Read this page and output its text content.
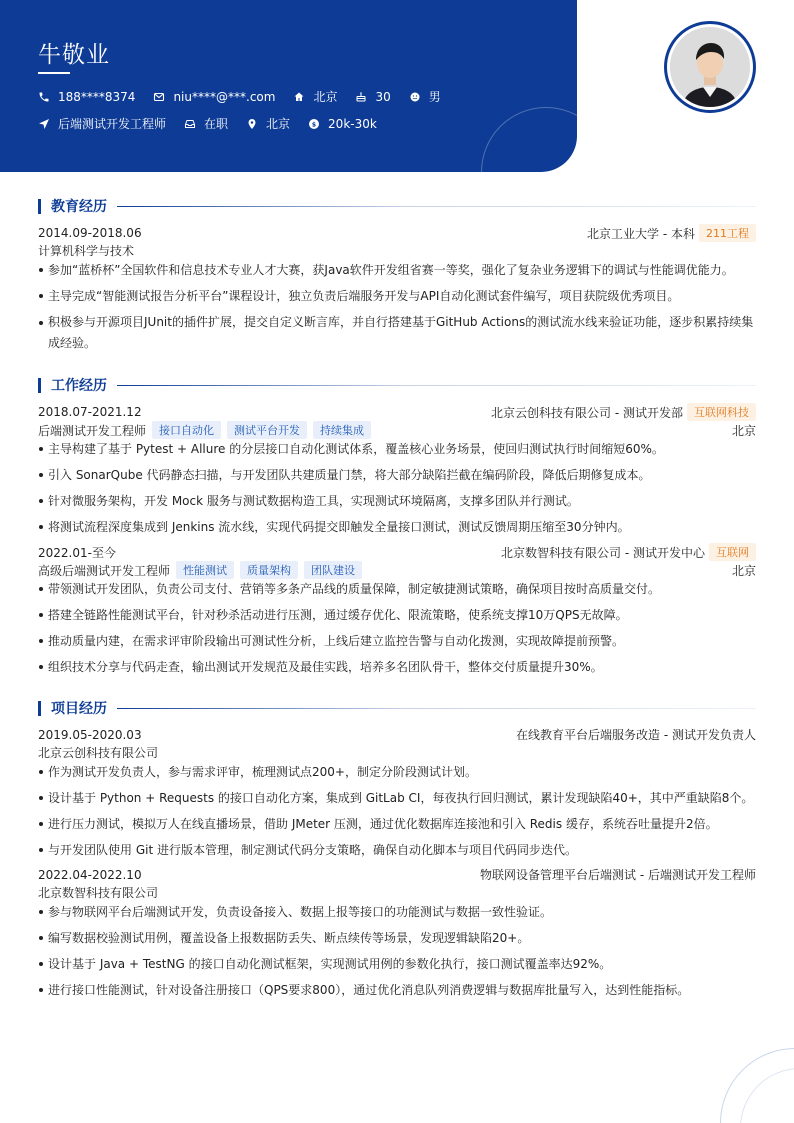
牛敬业
188****8374	niu****@***.com	北京	30	男
后端测试开发工程师	在职	北京 $ 20k-30k
教育经历
2014.09-2018.06	北京工业大学 - 本科	211工程
计算机科学与技术
参加“蓝桥杯”全国软件和信息技术专业人才大赛，获Java软件开发组省赛一等奖，强化了复杂业务逻辑下的调试与性能调优能力。
主导完成“智能测试报告分析平台”课程设计，独立负责后端服务开发与API自动化测试套件编写，项目获院级优秀项目。
积极参与开源项目JUnit的插件扩展，提交自定义断言库，并自行搭建基于GitHub Actions的测试流水线来验证功能，逐步积累持续集成经验。
工作经历
2018.07-2021.12	北京云创科技有限公司 - 测试开发部	互联网科技
后端测试开发工程师	接口自动化	测试平台开发	持续集成	北京
主导构建了基于 Pytest + Allure 的分层接口自动化测试体系，覆盖核心业务场景，使回归测试执行时间缩短60%。
引入 SonarQube 代码静态扫描，与开发团队共建质量门禁，将大部分缺陷拦截在编码阶段，降低后期修复成本。
针对微服务架构，开发 Mock 服务与测试数据构造工具，实现测试环境隔离，支撑多团队并行测试。
将测试流程深度集成到 Jenkins 流水线，实现代码提交即触发全量接口测试，测试反馈周期压缩至30分钟内。
2022.01-至今	北京数智科技有限公司 - 测试开发中心	互联网
高级后端测试开发工程师	性能测试	质量架构	团队建设	北京
带领测试开发团队，负责公司支付、营销等多条产品线的质量保障，制定敏捷测试策略，确保项目按时高质量交付。
搭建全链路性能测试平台，针对秒杀活动进行压测，通过缓存优化、限流策略，使系统支撑10万QPS无故障。
推动质量内建，在需求评审阶段输出可测试性分析，上线后建立监控告警与自动化拨测，实现故障提前预警。
组织技术分享与代码走查，输出测试开发规范及最佳实践，培养多名团队骨干，整体交付质量提升30%。
项目经历
2019.05-2020.03	在线教育平台后端服务改造 - 测试开发负责人
北京云创科技有限公司
作为测试开发负责人，参与需求评审，梳理测试点200+，制定分阶段测试计划。
设计基于 Python + Requests 的接口自动化方案，集成到 GitLab CI，每夜执行回归测试，累计发现缺陷40+，其中严重缺陷8个。
进行压力测试，模拟万人在线直播场景，借助 JMeter 压测，通过优化数据库连接池和引入 Redis 缓存，系统吞吐量提升2倍。
与开发团队使用 Git 进行版本管理，制定测试代码分支策略，确保自动化脚本与项目代码同步迭代。
2022.04-2022.10	物联网设备管理平台后端测试 - 后端测试开发工程师
北京数智科技有限公司
参与物联网平台后端测试开发，负责设备接入、数据上报等接口的功能测试与数据一致性验证。
编写数据校验测试用例，覆盖设备上报数据防丢失、断点续传等场景，发现逻辑缺陷20+。
设计基于 Java + TestNG 的接口自动化测试框架，实现测试用例的参数化执行，接口测试覆盖率达92%。
进行接口性能测试，针对设备注册接口（QPS要求800），通过优化消息队列消费逻辑与数据库批量写入，达到性能指标。
